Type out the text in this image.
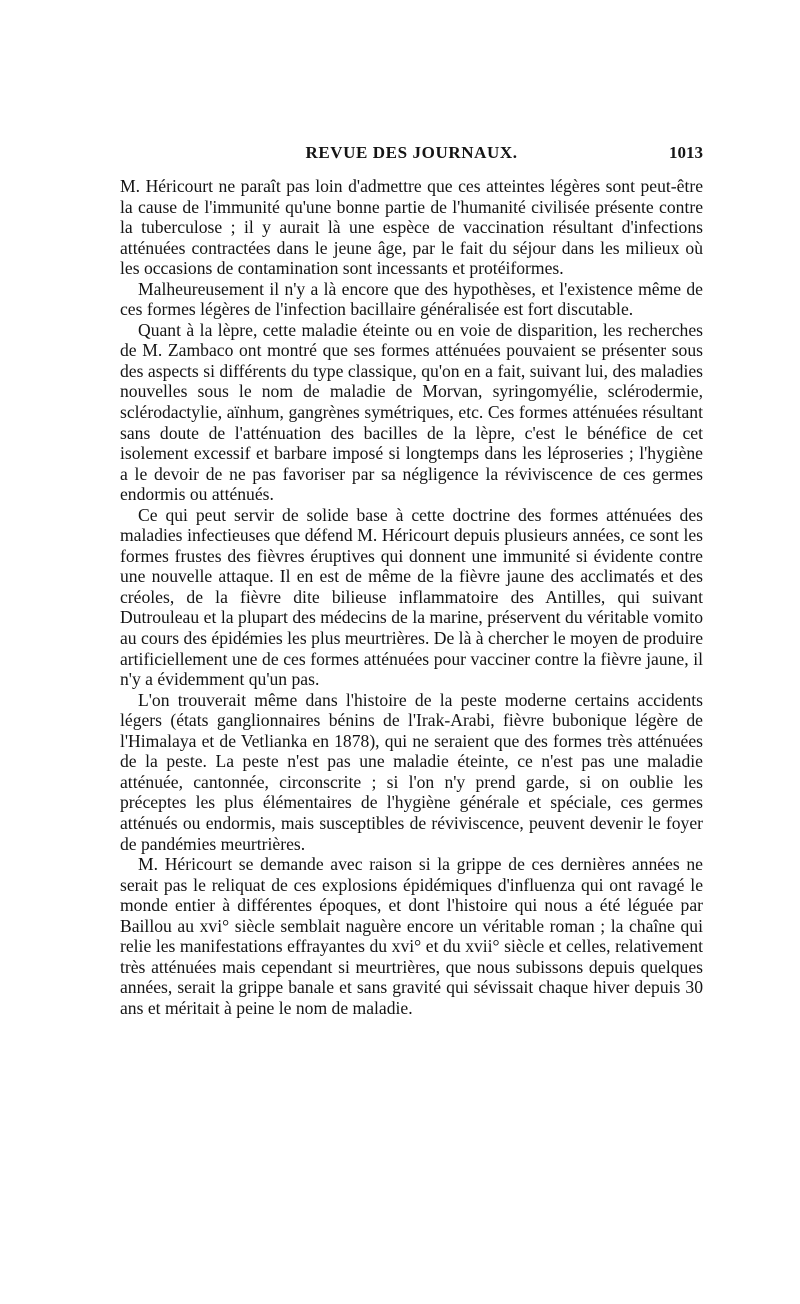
REVUE DES JOURNAUX.	1013

M. Héricourt ne paraît pas loin d'admettre que ces atteintes légères sont peut-être la cause de l'immunité qu'une bonne partie de l'humanité civilisée présente contre la tuberculose ; il y aurait là une espèce de vaccination résultant d'infections atténuées contractées dans le jeune âge, par le fait du séjour dans les milieux où les occasions de contamination sont incessants et protéiformes.

Malheureusement il n'y a là encore que des hypothèses, et l'existence même de ces formes légères de l'infection bacillaire généralisée est fort discutable.

Quant à la lèpre, cette maladie éteinte ou en voie de disparition, les recherches de M. Zambaco ont montré que ses formes atténuées pouvaient se présenter sous des aspects si différents du type classique, qu'on en a fait, suivant lui, des maladies nouvelles sous le nom de maladie de Morvan, syringomyélie, sclérodermie, sclérodactylie, aïnhum, gangrènes symétriques, etc. Ces formes atténuées résultant sans doute de l'atténuation des bacilles de la lèpre, c'est le bénéfice de cet isolement excessif et barbare imposé si longtemps dans les léproseries ; l'hygiène a le devoir de ne pas favoriser par sa négligence la réviviscence de ces germes endormis ou atténués.

Ce qui peut servir de solide base à cette doctrine des formes atténuées des maladies infectieuses que défend M. Héricourt depuis plusieurs années, ce sont les formes frustes des fièvres éruptives qui donnent une immunité si évidente contre une nouvelle attaque. Il en est de même de la fièvre jaune des acclimatés et des créoles, de la fièvre dite bilieuse inflammatoire des Antilles, qui suivant Dutrouleau et la plupart des médecins de la marine, préservent du véritable vomito au cours des épidémies les plus meurtrières. De là à chercher le moyen de produire artificiellement une de ces formes atténuées pour vacciner contre la fièvre jaune, il n'y a évidemment qu'un pas.

L'on trouverait même dans l'histoire de la peste moderne certains accidents légers (états ganglionnaires bénins de l'Irak-Arabi, fièvre bubonique légère de l'Himalaya et de Vetlianka en 1878), qui ne seraient que des formes très atténuées de la peste. La peste n'est pas une maladie éteinte, ce n'est pas une maladie atténuée, cantonnée, circonscrite ; si l'on n'y prend garde, si on oublie les préceptes les plus élémentaires de l'hygiène générale et spéciale, ces germes atténués ou endormis, mais susceptibles de réviviscence, peuvent devenir le foyer de pandémies meurtrières.

M. Héricourt se demande avec raison si la grippe de ces dernières années ne serait pas le reliquat de ces explosions épidémiques d'influenza qui ont ravagé le monde entier à différentes époques, et dont l'histoire qui nous a été léguée par Baillou au xvi° siècle semblait naguère encore un véritable roman ; la chaîne qui relie les manifestations effrayantes du xvi° et du xvii° siècle et celles, relativement très atténuées mais cependant si meurtrières, que nous subissons depuis quelques années, serait la grippe banale et sans gravité qui sévissait chaque hiver depuis 30 ans et méritait à peine le nom de maladie.
